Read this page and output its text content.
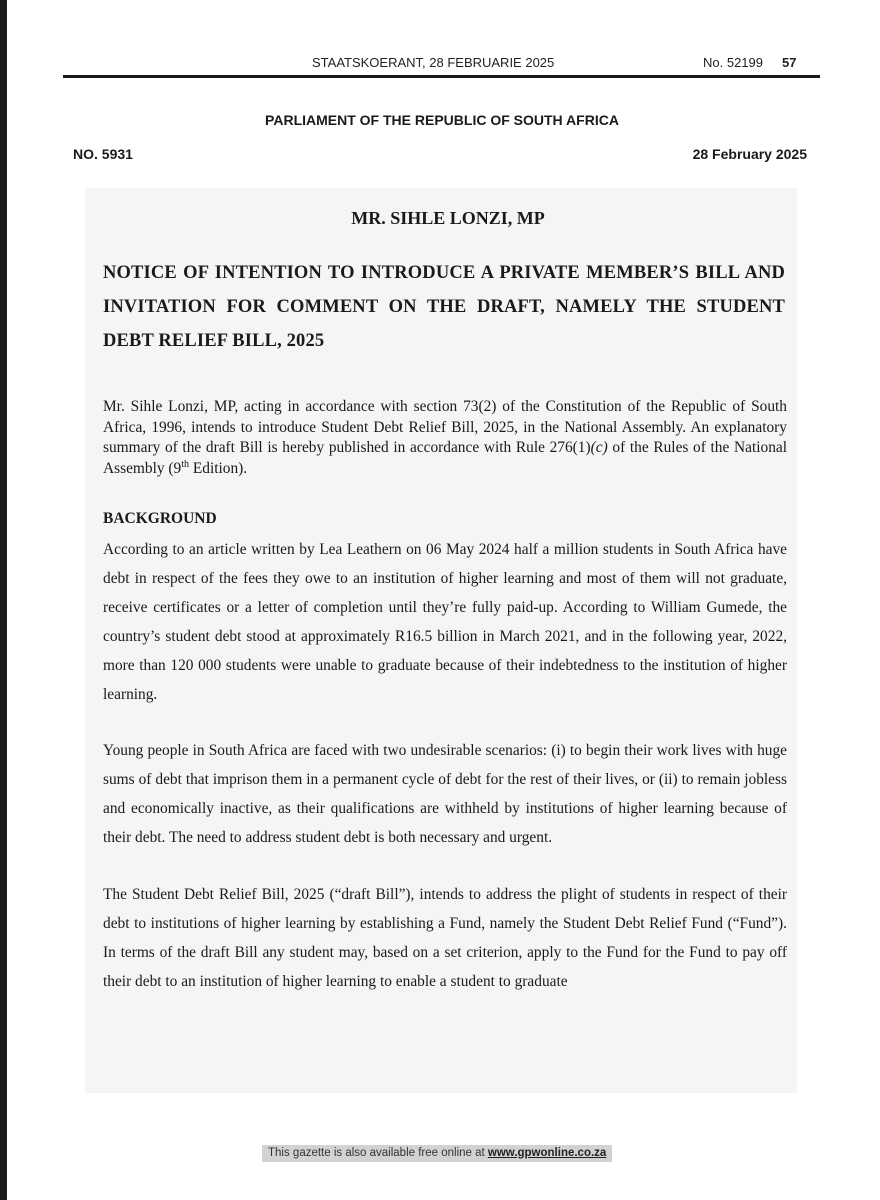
STAATSKOERANT, 28 FEBRUARIE 2025	No. 52199 57
PARLIAMENT OF THE REPUBLIC OF SOUTH AFRICA
NO. 5931	28 February 2025
MR. SIHLE LONZI, MP
NOTICE OF INTENTION TO INTRODUCE A PRIVATE MEMBER’S BILL AND INVITATION FOR COMMENT ON THE DRAFT, NAMELY THE STUDENT DEBT RELIEF BILL, 2025
Mr. Sihle Lonzi, MP, acting in accordance with section 73(2) of the Constitution of the Republic of South Africa, 1996, intends to introduce Student Debt Relief Bill, 2025, in the National Assembly. An explanatory summary of the draft Bill is hereby published in accordance with Rule 276(1)(c) of the Rules of the National Assembly (9th Edition).
BACKGROUND
According to an article written by Lea Leathern on 06 May 2024 half a million students in South Africa have debt in respect of the fees they owe to an institution of higher learning and most of them will not graduate, receive certificates or a letter of completion until they’re fully paid-up. According to William Gumede, the country’s student debt stood at approximately R16.5 billion in March 2021, and in the following year, 2022, more than 120 000 students were unable to graduate because of their indebtedness to the institution of higher learning.
Young people in South Africa are faced with two undesirable scenarios: (i) to begin their work lives with huge sums of debt that imprison them in a permanent cycle of debt for the rest of their lives, or (ii) to remain jobless and economically inactive, as their qualifications are withheld by institutions of higher learning because of their debt. The need to address student debt is both necessary and urgent.
The Student Debt Relief Bill, 2025 (“draft Bill”), intends to address the plight of students in respect of their debt to institutions of higher learning by establishing a Fund, namely the Student Debt Relief Fund (“Fund”). In terms of the draft Bill any student may, based on a set criterion, apply to the Fund for the Fund to pay off their debt to an institution of higher learning to enable a student to graduate
This gazette is also available free online at www.gpwonline.co.za
